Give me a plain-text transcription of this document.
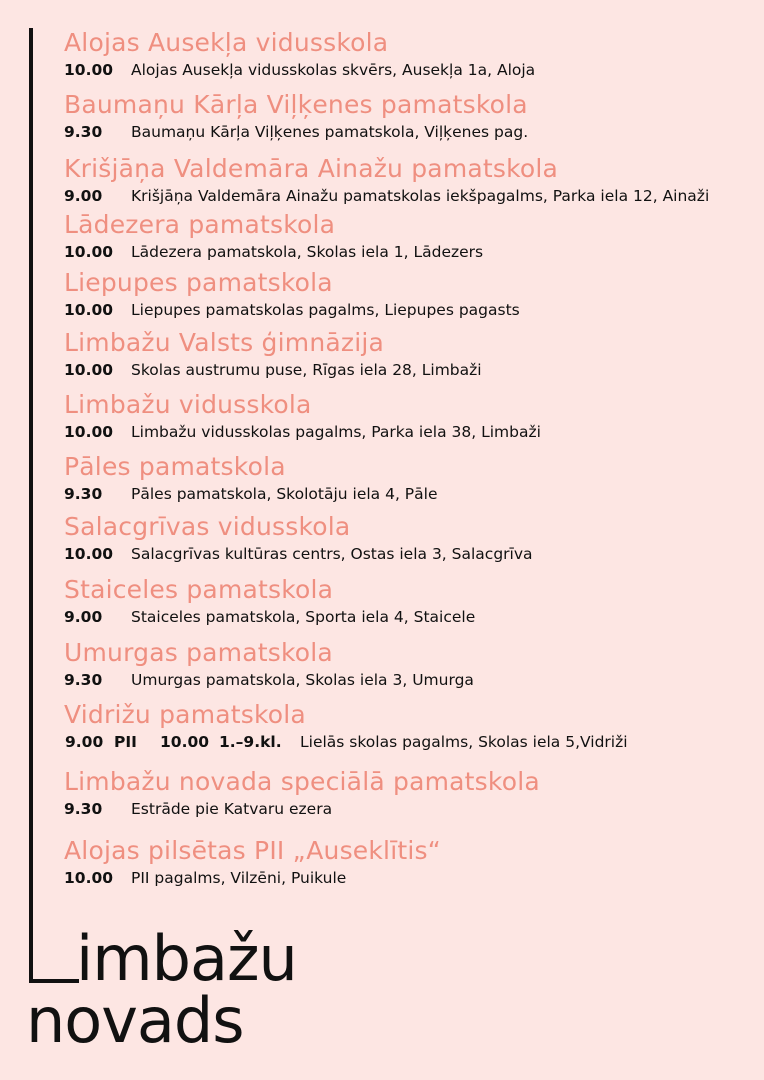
Alojas Ausekļa vidusskola
10.00 Alojas Ausekļa vidusskolas skvērs, Ausekļa 1a, Aloja
Baumaņu Kārļa Viļķenes pamatskola
9.30 Baumaņu Kārļa Viļķenes pamatskola, Viļķenes pag.
Krišjāņa Valdemāra Ainažu pamatskola
9.00 Krišjāņa Valdemāra Ainažu pamatskolas iekšpagalms, Parka iela 12, Ainaži
Lādezera pamatskola
10.00 Lādezera pamatskola, Skolas iela 1, Lādezers
Liepupes pamatskola
10.00 Liepupes pamatskolas pagalms, Liepupes pagasts
Limbažu Valsts ģimnāzija
10.00 Skolas austrumu puse, Rīgas iela 28, Limbaži
Limbažu vidusskola
10.00 Limbažu vidusskolas pagalms, Parka iela 38, Limbaži
Pāles pamatskola
9.30 Pāles pamatskola, Skolotāju iela 4, Pāle
Salacgrīvas vidusskola
10.00 Salacgrīvas kultūras centrs, Ostas iela 3, Salacgrīva
Staiceles pamatskola
9.00 Staiceles pamatskola, Sporta iela 4, Staicele
Umurgas pamatskola
9.30 Umurgas pamatskola, Skolas iela 3, Umurga
Vidrižu pamatskola
9.00 PII 10.00 1.–9.kl. Lielās skolas pagalms, Skolas iela 5,Vidriži
Limbažu novada speciālā pamatskola
9.30 Estrāde pie Katvaru ezera
Alojas pilsētas PII „Auseklītis“
10.00 PII pagalms, Vilzēni, Puikule
imbažu
novads
